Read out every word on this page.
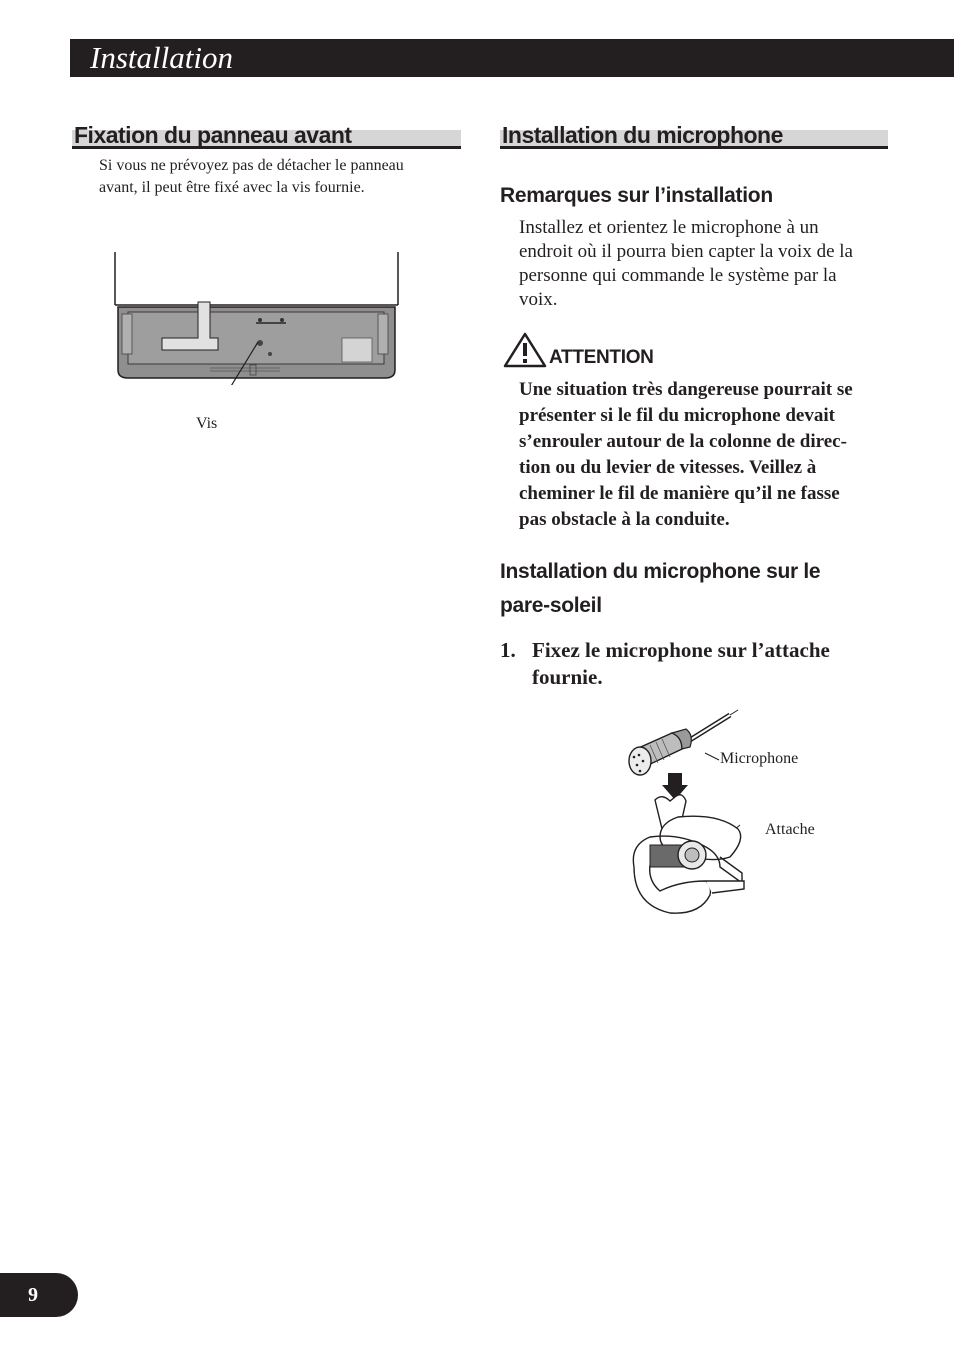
Installation
Fixation du panneau avant
Si vous ne prévoyez pas de détacher le panneau
avant, il peut être fixé avec la vis fournie.
Vis
Installation du microphone
Remarques sur l’installation
Installez et orientez le microphone à un
endroit où il pourra bien capter la voix de la
personne qui commande le système par la
voix.
ATTENTION
Une situation très dangereuse pourrait se
présenter si le fil du microphone devait
s’enrouler autour de la colonne de direc-
tion ou du levier de vitesses. Veillez à
cheminer le fil de manière qu’il ne fasse
pas obstacle à la conduite.
Installation du microphone sur le
pare-soleil
1. Fixez le microphone sur l’attache
fournie.
Microphone
Attache
9
